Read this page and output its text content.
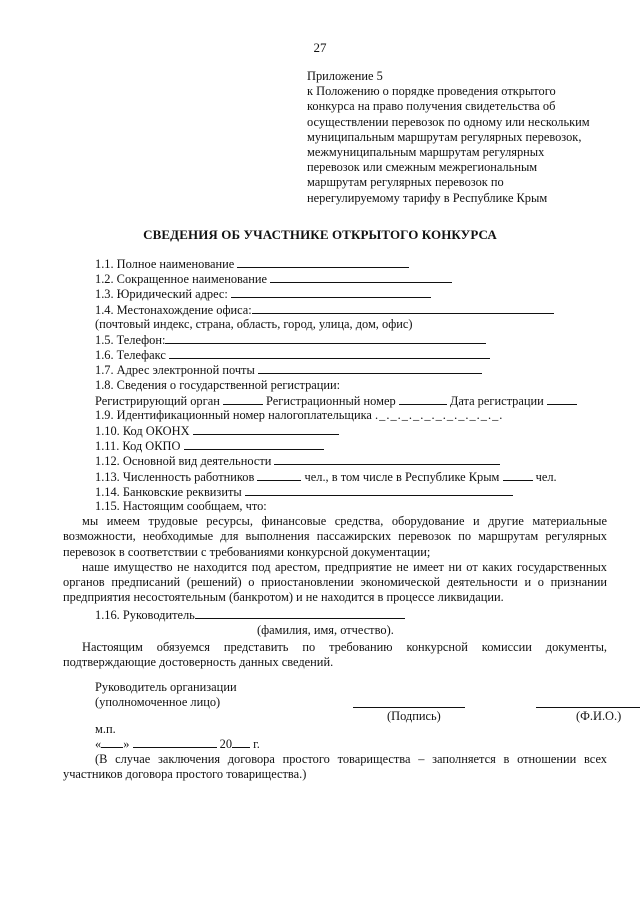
27
Приложение 5
к Положению о порядке проведения открытого
конкурса на право получения свидетельства об
осуществлении перевозок по одному или нескольким
муниципальным маршрутам регулярных перевозок,
межмуниципальным маршрутам регулярных
перевозок или смежным межрегиональным
маршрутам регулярных перевозок по
нерегулируемому тарифу в Республике Крым
СВЕДЕНИЯ ОБ УЧАСТНИКЕ ОТКРЫТОГО КОНКУРСА
1.1. Полное наименование
1.2. Сокращенное наименование
1.3. Юридический адрес:
1.4. Местонахождение офиса:
(почтовый индекс, страна, область, город, улица, дом, офис)
1.5. Телефон:
1.6. Телефакс
1.7. Адрес электронной почты
1.8. Сведения о государственной регистрации:
Регистрирующий орган	Регистрационный номер	Дата регистрации
1.9. Идентификационный номер налогоплательщика ._._._._._._._._._._._.
1.10. Код ОКОНХ
1.11. Код ОКПО
1.12. Основной вид деятельности
1.13. Численность работников	чел., в том числе в Республике Крым	чел.
1.14. Банковские реквизиты
1.15. Настоящим сообщаем, что:
мы имеем трудовые ресурсы, финансовые средства, оборудование и другие материальные возможности, необходимые для выполнения пассажирских перевозок по маршрутам регулярных перевозок в соответствии с требованиями конкурсной документации;
наше имущество не находится под арестом, предприятие не имеет ни от каких государственных органов предписаний (решений) о приостановлении экономической деятельности и о признании предприятия несостоятельным (банкротом) и не находится в процессе ликвидации.
1.16. Руководитель
(фамилия, имя, отчество).
Настоящим обязуемся представить по требованию конкурсной комиссии документы, подтверждающие достоверность данных сведений.
Руководитель организации
(уполномоченное лицо)
(Подпись)	(Ф.И.О.)
м.п.
« »	20 г.
(В случае заключения договора простого товарищества – заполняется в отношении всех участников договора простого товарищества.)
